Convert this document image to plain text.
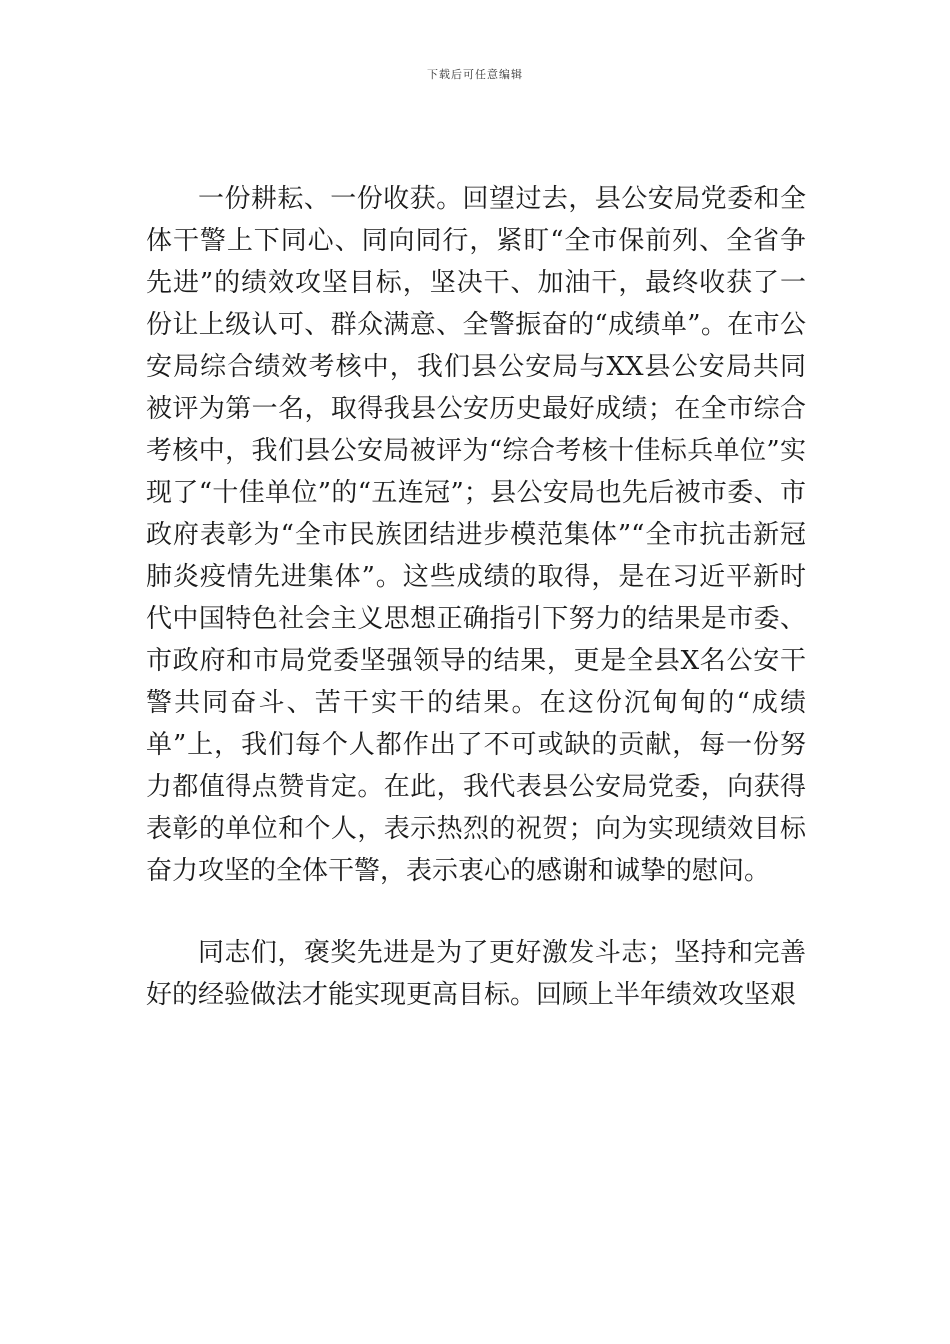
下载后可任意编辑

一份耕耘、一份收获。回望过去，县公安局党委和全体干警上下同心、同向同行，紧盯“全市保前列、全省争先进”的绩效攻坚目标，坚决干、加油干，最终收获了一份让上级认可、群众满意、全警振奋的“成绩单”。在市公安局综合绩效考核中，我们县公安局与XX县公安局共同被评为第一名，取得我县公安历史最好成绩；在全市综合考核中，我们县公安局被评为“综合考核十佳标兵单位”实现了“十佳单位”的“五连冠”；县公安局也先后被市委、市政府表彰为“全市民族团结进步模范集体”“全市抗击新冠肺炎疫情先进集体”。这些成绩的取得，是在习近平新时代中国特色社会主义思想正确指引下努力的结果是市委、市政府和市局党委坚强领导的结果，更是全县X名公安干警共同奋斗、苦干实干的结果。在这份沉甸甸的“成绩单”上，我们每个人都作出了不可或缺的贡献，每一份努力都值得点赞肯定。在此，我代表县公安局党委，向获得表彰的单位和个人，表示热烈的祝贺；向为实现绩效目标奋力攻坚的全体干警，表示衷心的感谢和诚挚的慰问。

同志们，褒奖先进是为了更好激发斗志；坚持和完善好的经验做法才能实现更高目标。回顾上半年绩效攻坚艰
